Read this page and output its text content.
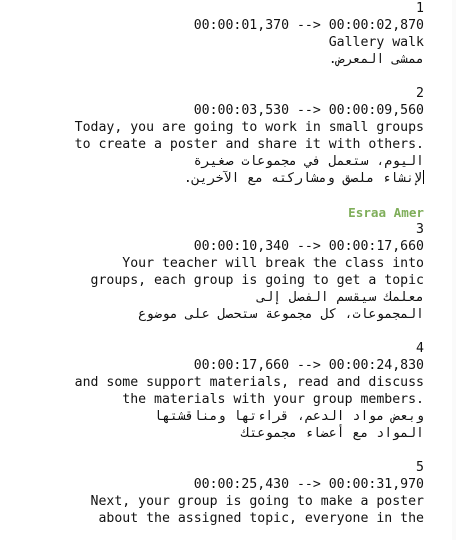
1
00:00:02,870 <-- 00:00:01,370
Gallery walk
ممشى المعرض.
2
00:00:09,560 <-- 00:00:03,530
Today, you are going to work in small groups
.to create a poster and share it with others
اليوم، ستعمل في مجموعات صغيرة
لإنشاء ملصق ومشاركته مع الآخرين.
Esraa Amer
3
00:00:17,660 <-- 00:00:10,340
Your teacher will break the class into
groups, each group is going to get a topic
معلمك سيقسم الفصل إلى
المجموعات، كل مجموعة ستحصل على موضوع
4
00:00:24,830 <-- 00:00:17,660
and some support materials, read and discuss
.the materials with your group members
وبعض مواد الدعم، قراءتها ومناقشتها
المواد مع أعضاء مجموعتك
5
00:00:31,970 <-- 00:00:25,430
Next, your group is going to make a poster
about the assigned topic, everyone in the
